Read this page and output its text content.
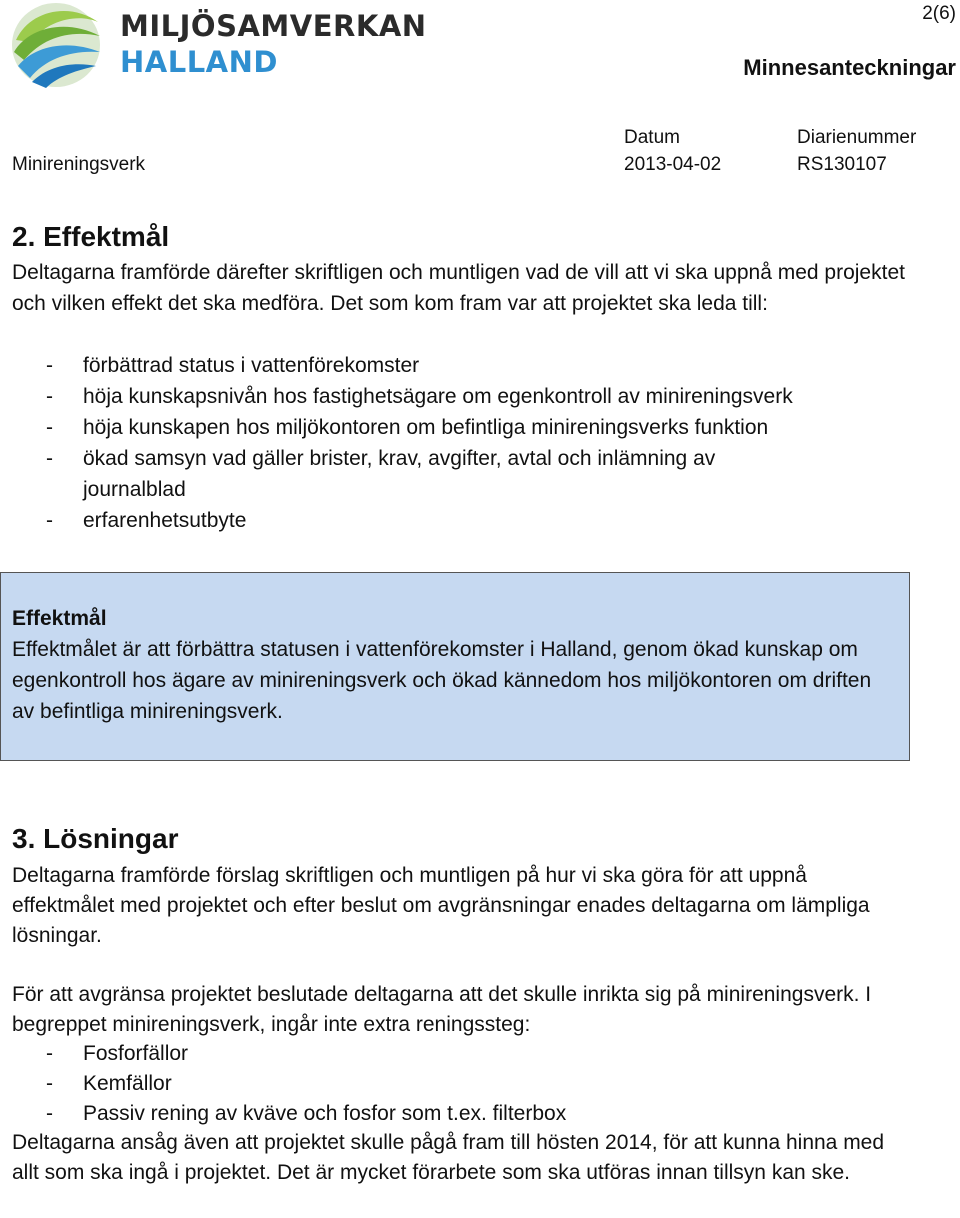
MILJÖSAMVERKAN
HALLAND
2(6)
Minnesanteckningar
Minireningsverk
Datum
2013-04-02
Diarienummer
RS130107
2. Effektmål

Deltagarna framförde därefter skriftligen och muntligen vad de vill att vi ska uppnå med projektet och vilken effekt det ska medföra. Det som kom fram var att projektet ska leda till:

- förbättrad status i vattenförekomster
- höja kunskapsnivån hos fastighetsägare om egenkontroll av minireningsverk
- höja kunskapen hos miljökontoren om befintliga minireningsverks funktion
- ökad samsyn vad gäller brister, krav, avgifter, avtal och inlämning av journalblad
- erfarenhetsutbyte
Effektmål
Effektmålet är att förbättra statusen i vattenförekomster i Halland, genom ökad kunskap om egenkontroll hos ägare av minireningsverk och ökad kännedom hos miljökontoren om driften av befintliga minireningsverk.
3. Lösningar

Deltagarna framförde förslag skriftligen och muntligen på hur vi ska göra för att uppnå effektmålet med projektet och efter beslut om avgränsningar enades deltagarna om lämpliga lösningar.

För att avgränsa projektet beslutade deltagarna att det skulle inrikta sig på minireningsverk. I begreppet minireningsverk, ingår inte extra reningssteg:

- Fosforfällor
- Kemfällor
- Passiv rening av kväve och fosfor som t.ex. filterbox

Deltagarna ansåg även att projektet skulle pågå fram till hösten 2014, för att kunna hinna med allt som ska ingå i projektet. Det är mycket förarbete som ska utföras innan tillsyn kan ske.
